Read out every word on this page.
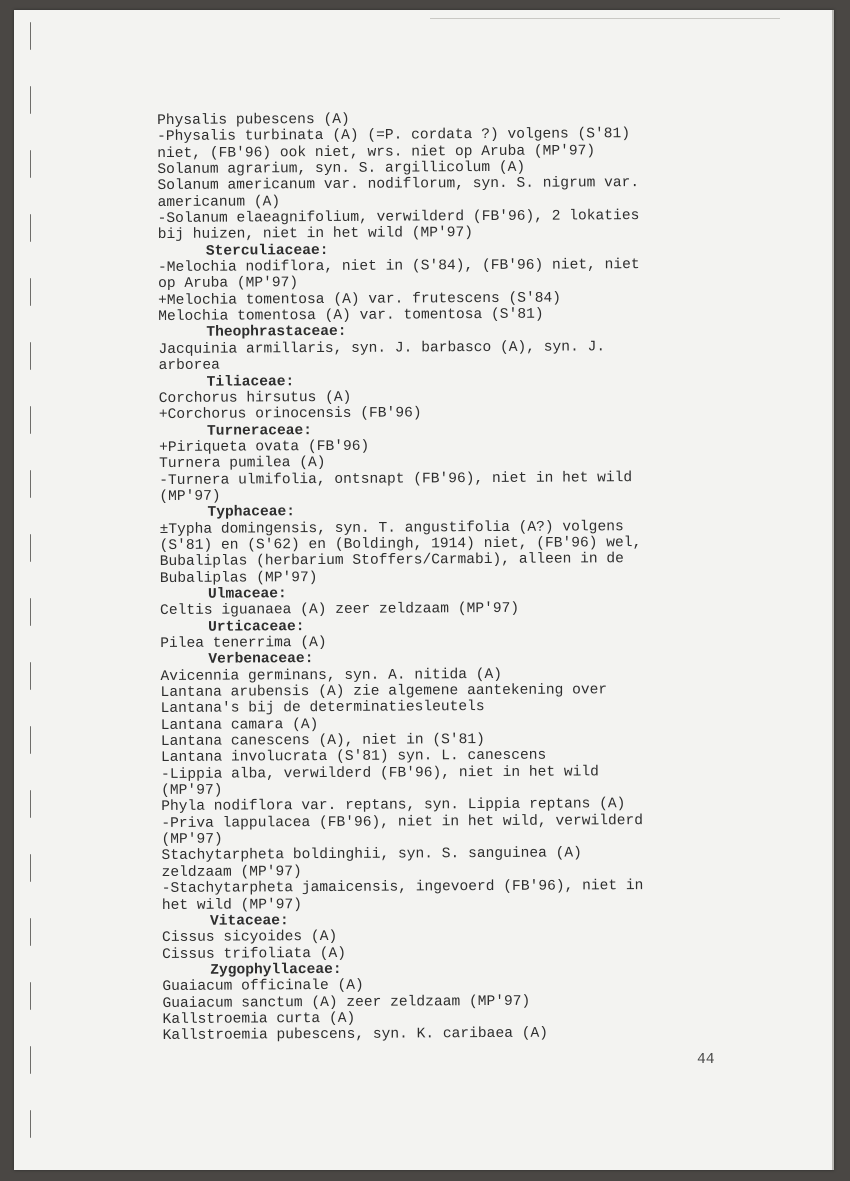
Physalis pubescens (A)
-Physalis turbinata (A) (=P. cordata ?) volgens (S'81)
niet, (FB'96) ook niet, wrs. niet op Aruba (MP'97)
Solanum agrarium, syn. S. argillicolum (A)
Solanum americanum var. nodiflorum, syn. S. nigrum var.
americanum (A)
-Solanum elaeagnifolium, verwilderd (FB'96), 2 lokaties
bij huizen, niet in het wild (MP'97)
Sterculiaceae:
-Melochia nodiflora, niet in (S'84), (FB'96) niet, niet
op Aruba (MP'97)
+Melochia tomentosa (A) var. frutescens (S'84)
Melochia tomentosa (A) var. tomentosa (S'81)
Theophrastaceae:
Jacquinia armillaris, syn. J. barbasco (A), syn. J.
arborea
Tiliaceae:
Corchorus hirsutus (A)
+Corchorus orinocensis (FB'96)
Turneraceae:
+Piriqueta ovata (FB'96)
Turnera pumilea (A)
-Turnera ulmifolia, ontsnapt (FB'96), niet in het wild
(MP'97)
Typhaceae:
±Typha domingensis, syn. T. angustifolia (A?) volgens
(S'81) en (S'62) en (Boldingh, 1914) niet, (FB'96) wel,
Bubaliplas (herbarium Stoffers/Carmabi), alleen in de
Bubaliplas (MP'97)
Ulmaceae:
Celtis iguanaea (A) zeer zeldzaam (MP'97)
Urticaceae:
Pilea tenerrima (A)
Verbenaceae:
Avicennia germinans, syn. A. nitida (A)
Lantana arubensis (A) zie algemene aantekening over
Lantana's bij de determinatiesleutels
Lantana camara (A)
Lantana canescens (A), niet in (S'81)
Lantana involucrata (S'81) syn. L. canescens
-Lippia alba, verwilderd (FB'96), niet in het wild
(MP'97)
Phyla nodiflora var. reptans, syn. Lippia reptans (A)
-Priva lappulacea (FB'96), niet in het wild, verwilderd
(MP'97)
Stachytarpheta boldinghii, syn. S. sanguinea (A)
zeldzaam (MP'97)
-Stachytarpheta jamaicensis, ingevoerd (FB'96), niet in
het wild (MP'97)
Vitaceae:
Cissus sicyoides (A)
Cissus trifoliata (A)
Zygophyllaceae:
Guaiacum officinale (A)
Guaiacum sanctum (A) zeer zeldzaam (MP'97)
Kallstroemia curta (A)
Kallstroemia pubescens, syn. K. caribaea (A)
44
